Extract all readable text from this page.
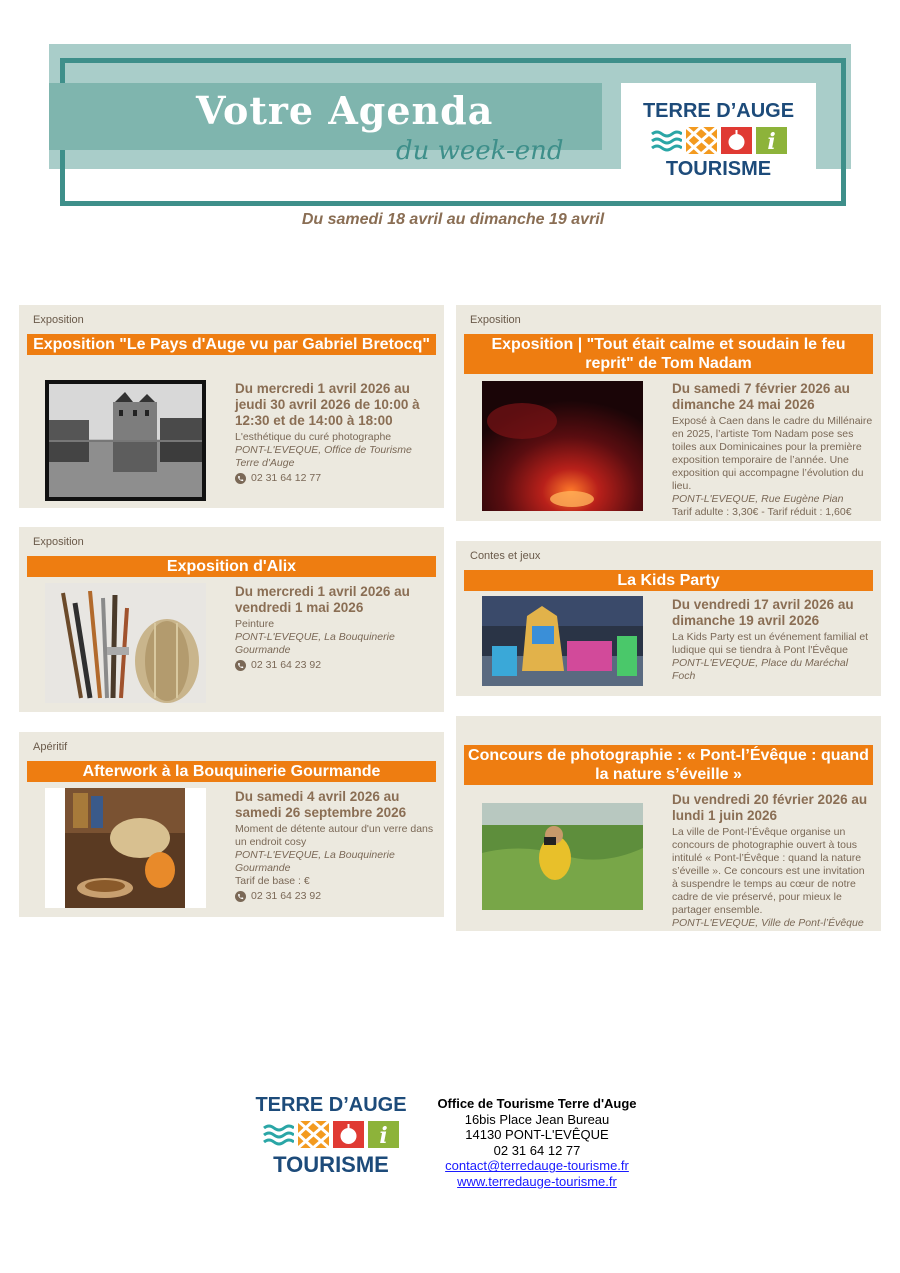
Votre Agenda
du week-end
TERRE D’AUGE
i
TOURISME
Du samedi 18 avril au dimanche 19 avril
Exposition
Exposition "Le Pays d'Auge vu par Gabriel Bretocq"
Du mercredi 1 avril 2026 au jeudi 30 avril 2026 de 10:00 à 12:30 et de 14:00 à 18:00
L'esthétique du curé photographe
PONT-L'EVEQUE, Office de Tourisme Terre d'Auge
02 31 64 12 77
Exposition
Exposition | "Tout était calme et soudain le feu reprit" de Tom Nadam
Du samedi 7 février 2026 au dimanche 24 mai 2026
Exposé à Caen dans le cadre du Millénaire en 2025, l’artiste Tom Nadam pose ses toiles aux Dominicaines pour la première exposition temporaire de l’année. Une exposition qui accompagne l’évolution du lieu.
PONT-L'EVEQUE, Rue Eugène Pian
Tarif adulte : 3,30€ - Tarif réduit : 1,60€
Exposition
Exposition d'Alix
Du mercredi 1 avril 2026 au vendredi 1 mai 2026
Peinture
PONT-L'EVEQUE, La Bouquinerie Gourmande
02 31 64 23 92
Contes et jeux
La Kids Party
Du vendredi 17 avril 2026 au dimanche 19 avril 2026
La Kids Party est un événement familial et ludique qui se tiendra à Pont l'Évêque
PONT-L'EVEQUE, Place du Maréchal Foch
Apéritif
Afterwork à la Bouquinerie Gourmande
Du samedi 4 avril 2026 au samedi 26 septembre 2026
Moment de détente autour d'un verre dans un endroit cosy
PONT-L'EVEQUE, La Bouquinerie Gourmande
Tarif de base : €
02 31 64 23 92
Concours de photographie : « Pont-l’Évêque : quand la nature s’éveille »
Du vendredi 20 février 2026 au lundi 1 juin 2026
La ville de Pont-l’Évêque organise un concours de photographie ouvert à tous intitulé « Pont-l’Évêque : quand la nature s’éveille ». Ce concours est une invitation à suspendre le temps au cœur de notre cadre de vie préservé, pour mieux le partager ensemble.
PONT-L'EVEQUE, Ville de Pont-l’Évêque
TERRE D’AUGE
i
TOURISME
Office de Tourisme Terre d'Auge
16bis Place Jean Bureau
14130 PONT-L'EVÊQUE
02 31 64 12 77
contact@terredauge-tourisme.fr
www.terredauge-tourisme.fr
